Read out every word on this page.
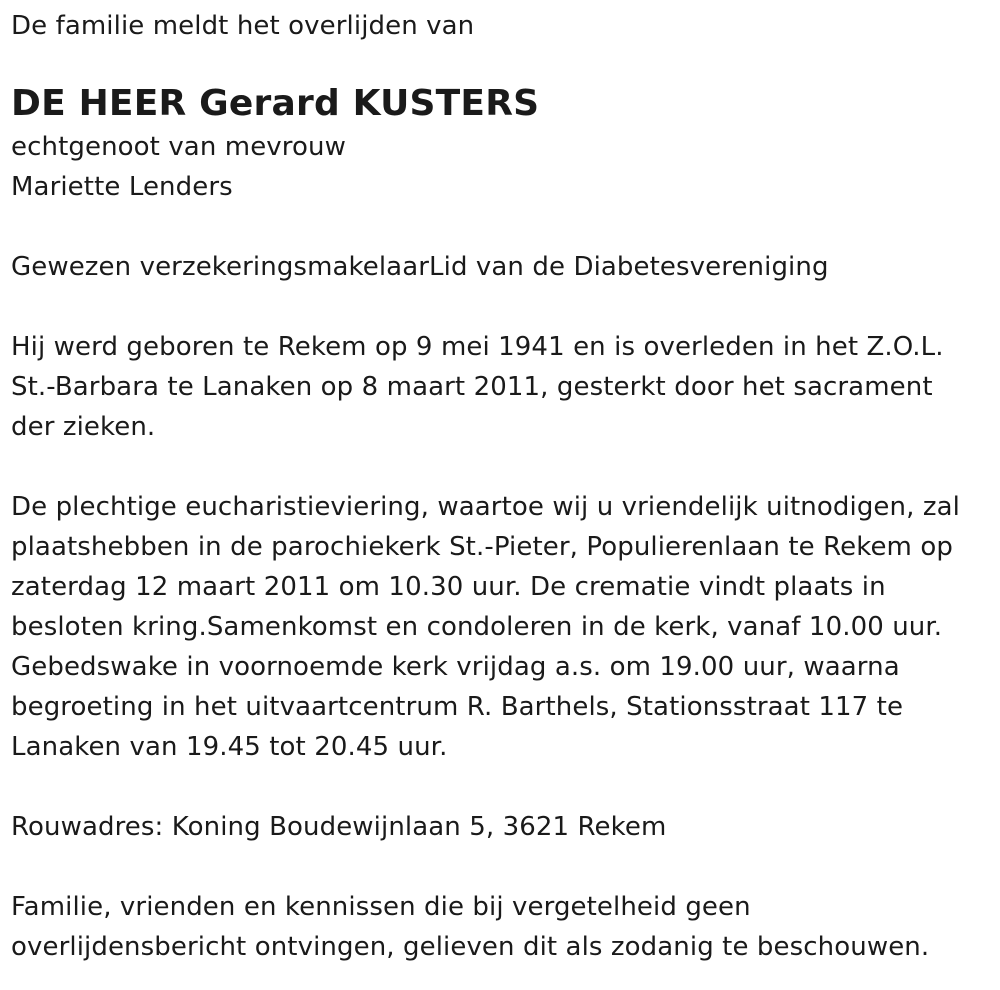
De familie meldt het overlijden van
DE HEER Gerard KUSTERS
echtgenoot van mevrouw
Mariette Lenders
Gewezen verzekeringsmakelaarLid van de Diabetesvereniging
Hij werd geboren te Rekem op 9 mei 1941 en is overleden in het Z.O.L.
St.-Barbara te Lanaken op 8 maart 2011, gesterkt door het sacrament
der zieken.
De plechtige eucharistieviering, waartoe wij u vriendelijk uitnodigen, zal
plaatshebben in de parochiekerk St.-Pieter, Populierenlaan te Rekem op
zaterdag 12 maart 2011 om 10.30 uur. De crematie vindt plaats in
besloten kring.Samenkomst en condoleren in de kerk, vanaf 10.00 uur.
Gebedswake in voornoemde kerk vrijdag a.s. om 19.00 uur, waarna
begroeting in het uitvaartcentrum R. Barthels, Stationsstraat 117 te
Lanaken van 19.45 tot 20.45 uur.
Rouwadres: Koning Boudewijnlaan 5, 3621 Rekem
Familie, vrienden en kennissen die bij vergetelheid geen
overlijdensbericht ontvingen, gelieven dit als zodanig te beschouwen.
